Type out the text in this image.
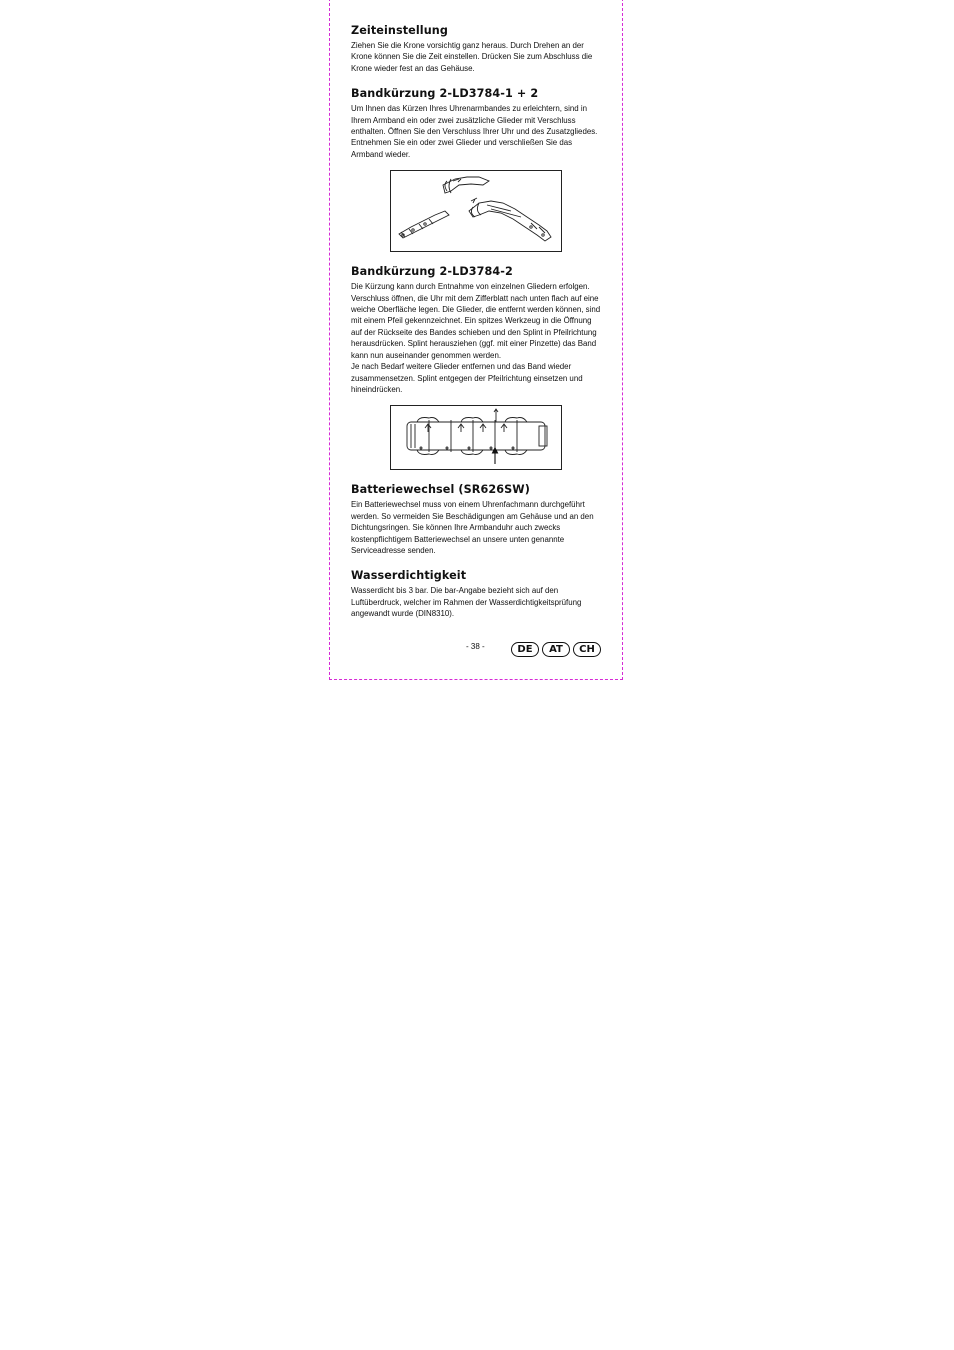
Zeiteinstellung

Ziehen Sie die Krone vorsichtig ganz heraus. Durch Drehen an der Krone können Sie die Zeit einstellen. Drücken Sie zum Abschluss die Krone wieder fest an das Gehäuse.

Bandkürzung 2-LD3784-1 + 2

Um Ihnen das Kürzen Ihres Uhrenarmbandes zu erleichtern, sind in Ihrem Armband ein oder zwei zusätzliche Glieder mit Verschluss enthalten. Öffnen Sie den Verschluss Ihrer Uhr und des Zusatzgliedes. Entnehmen Sie ein oder zwei Glieder und verschließen Sie das Armband wieder.

Bandkürzung 2-LD3784-2

Die Kürzung kann durch Entnahme von einzelnen Gliedern erfolgen. Verschluss öffnen, die Uhr mit dem Zifferblatt nach unten flach auf eine weiche Oberfläche legen. Die Glieder, die entfernt werden können, sind mit einem Pfeil gekennzeichnet. Ein spitzes Werkzeug in die Öffnung auf der Rückseite des Bandes schieben und den Splint in Pfeilrichtung herausdrücken. Splint herausziehen (ggf. mit einer Pinzette) das Band kann nun auseinander genommen werden.

Je nach Bedarf weitere Glieder entfernen und das Band wieder zusammensetzen. Splint entgegen der Pfeilrichtung einsetzen und hineindrücken.

Batteriewechsel (SR626SW)

Ein Batteriewechsel muss von einem Uhrenfachmann durchgeführt werden. So vermeiden Sie Beschädigungen am Gehäuse und an den Dichtungsringen. Sie können Ihre Armbanduhr auch zwecks kostenpflichtigem Batteriewechsel an unsere unten genannte Serviceadresse senden.

Wasserdichtigkeit

Wasserdicht bis 3 bar. Die bar-Angabe bezieht sich auf den Luftüberdruck, welcher im Rahmen der Wasserdichtigkeitsprüfung angewandt wurde (DIN8310).

- 38 -	DE	AT	CH
